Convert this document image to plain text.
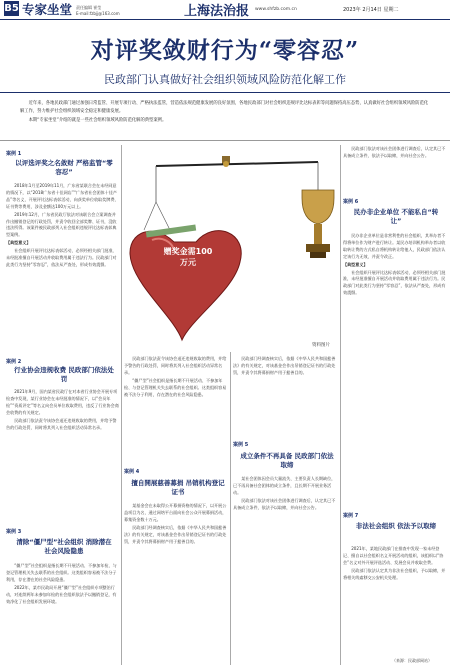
B5 专家坐堂 责任编辑 崔莹
E-mail:fzbjj@163.com	上海法治报 www.shfzb.com.cn	2023年 2月14日 星期二
对评奖敛财行为“零容忍”
民政部门认真做好社会组织领域风险防范化解工作

近年来，各地民政部门通过加强日常监管、开展专项行动、严格执法监管，营造依法规范健康发展的良好氛围，各地民政部门对社会组织违规评比达标表彰等问题保持高压态势，认真做好社会组织领域风险防范化解工作，努力维护社会组织领域安全稳定和健康发展。

本期“专家坐堂”介绍的就是一些社会组织领域风险防范化解的典型案例。

案例 1
以评选评奖之名敛财 严格监管“零容忍”

2018年1月至2019年11月，广东省某联合会在未经同意的情况下，以“2018广东省十佳网店”“广东省社会团体十佳产品”等名义，开展评比达标表彰活动，向获奖单位收取奖牌费、证书费等费用，涉及金额达100万元以上。

2019年12月，广东省民政厅依法对该联合会立案调查并作出撤销登记的行政处罚，并责令收回全部奖牌、证书，没收违法所得。该案件被民政部列入社会组织违规评比达标表彰典型案例。

【典型意义】

社会组织开展评比达标表彰活动，必须经相关部门批准，未经批准擅自开展活动并收取费用属于违法行为。民政部门对此类行为坚持“零容忍”，依法从严查处，形成有效震慑。

案例 2
行业协会违规收费 民政部门依法处罚

2021年9月，国内某省民政厅在对本省行业协会开展专项检查中发现，某行业协会在未经批准的情况下，以“会员年检”“资质评定”等名义向会员单位收取费用，违反了行业协会商会收费的有关规定。

民政部门依法责令该协会退还违规收取的费用，并给予警告的行政处罚，同时将其列入社会组织活动异常名录。

案例 3
清除“僵尸型”社会组织 消除潜在社会风险隐患

“僵尸型”社会组织是指长期不开展活动、不参加年检、与登记管理机关失去联系的社会组织。这类组织容易被不法分子利用，存在潜在的社会风险隐患。

2022年，某市民政局开展“僵尸型”社会组织专项整治行动，对连续两年未参加年检的社会组织依法予以撤销登记，有效净化了社会组织发展环境。

赠奖金需100万元
资料图片
案例 4
擅自開展慈善募捐 吊销机构登记证书

民政部门依法责令该协会退还违规收取的费用，并给予警告的行政处罚，同时将其列入社会组织活动异常名录。

“僵尸型”社会组织是指长期不开展活动、不参加年检、与登记管理机关失去联系的社会组织。这类组织容易被不法分子利用，存在潜在的社会风险隐患。

某基金会在未取得公开募捐资格的情况下，以开展公益项目为名，通过网络平台面向社会公众开展募捐活动，募集资金数十万元。

民政部门经调查核实后，依据《中华人民共和国慈善法》的有关规定，对该基金会作出吊销登记证书的行政处罚，并责令其将募捐财产用于慈善目的。

民政部门经调查核实后，依据《中华人民共和国慈善法》的有关规定，对该基金会作出吊销登记证书的行政处罚，并责令其将募捐财产用于慈善目的。

案例 5
成立条件不再具备 民政部门依法取缔

某社会团体因会员大量流失、主要负责人长期缺位，已不再具备社会团体的成立条件，且长期不开展业务活动。

民政部门依法对该社会团体进行调查后，认定其已不具备成立条件，依法予以取缔，并向社会公告。

民政部门依法对该社会团体进行调查后，认定其已不具备成立条件，依法予以取缔，并向社会公告。

案例 6
民办非企业单位 不能私自“转让”

民办非企业单位是非营利性的社会组织，其举办者不得将单位作为财产进行转让。某民办培训机构举办者以收取转让费的方式私自将机构转让给他人，民政部门依法认定该行为无效，并责令改正。

【典型意义】

社会组织开展评比达标表彰活动，必须经相关部门批准，未经批准擅自开展活动并收取费用属于违法行为。民政部门对此类行为坚持“零容忍”，依法从严查处，形成有效震慑。

案例 7
非法社会组织 依法予以取缔

2021年，某地民政部门在排查中发现一家未经登记、擅自以社会组织名义开展活动的组织，该组织以“协会”名义对外开展评选活动、发展会员并收取会费。

民政部门依法认定其为非法社会组织，予以取缔，并将相关线索移交公安机关处理。

（来源：民政部网站）
